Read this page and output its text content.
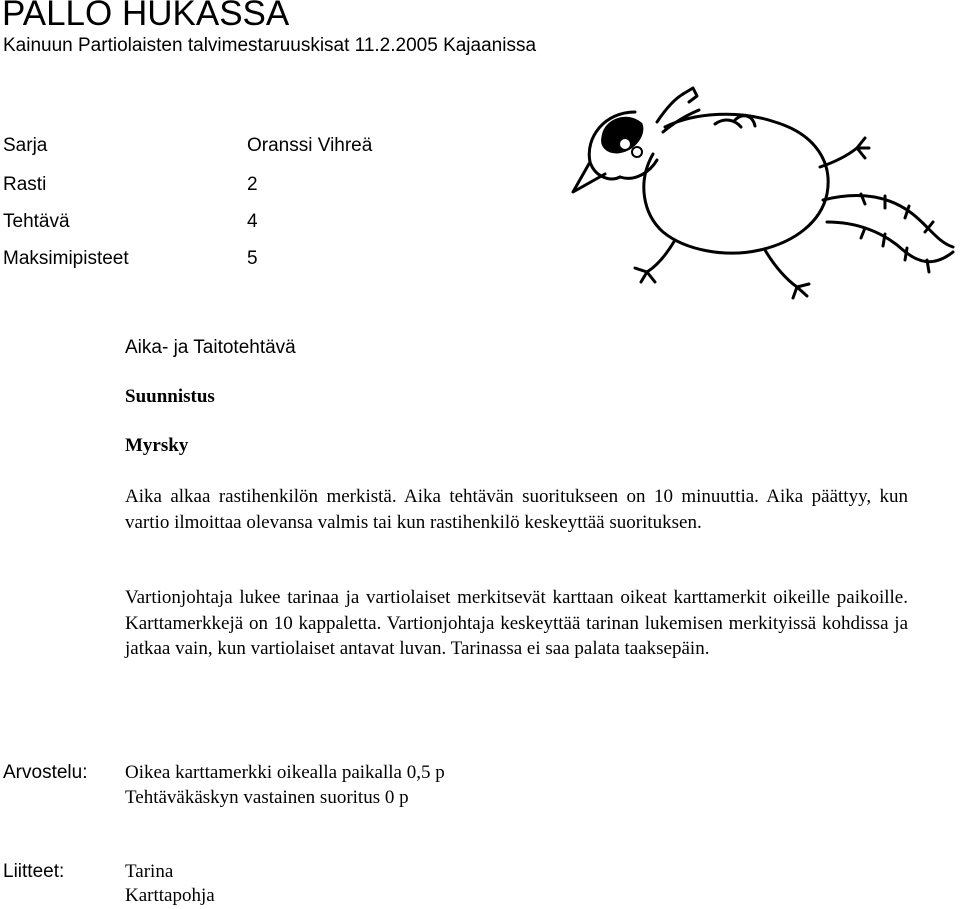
PALLO HUKASSA
Kainuun Partiolaisten talvimestaruuskisat 11.2.2005 Kajaanissa
Sarja	Oranssi Vihreä
Rasti	2
Tehtävä	4
Maksimipisteet	5
Aika- ja Taitotehtävä
Suunnistus
Myrsky

Aika alkaa rastihenkilön merkistä. Aika tehtävän suoritukseen on 10 minuuttia. Aika päättyy, kun vartio ilmoittaa olevansa valmis tai kun rastihenkilö keskeyttää suorituksen.

Vartionjohtaja lukee tarinaa ja vartiolaiset merkitsevät karttaan oikeat karttamerkit oikeille paikoille. Karttamerkkejä on 10 kappaletta. Vartionjohtaja keskeyttää tarinan lukemisen merkityissä kohdissa ja jatkaa vain, kun vartiolaiset antavat luvan. Tarinassa ei saa palata taaksepäin.

Arvostelu: Oikea karttamerkki oikealla paikalla 0,5 p
Tehtäväkäskyn vastainen suoritus 0 p
Liitteet:	Tarina
Karttapohja
